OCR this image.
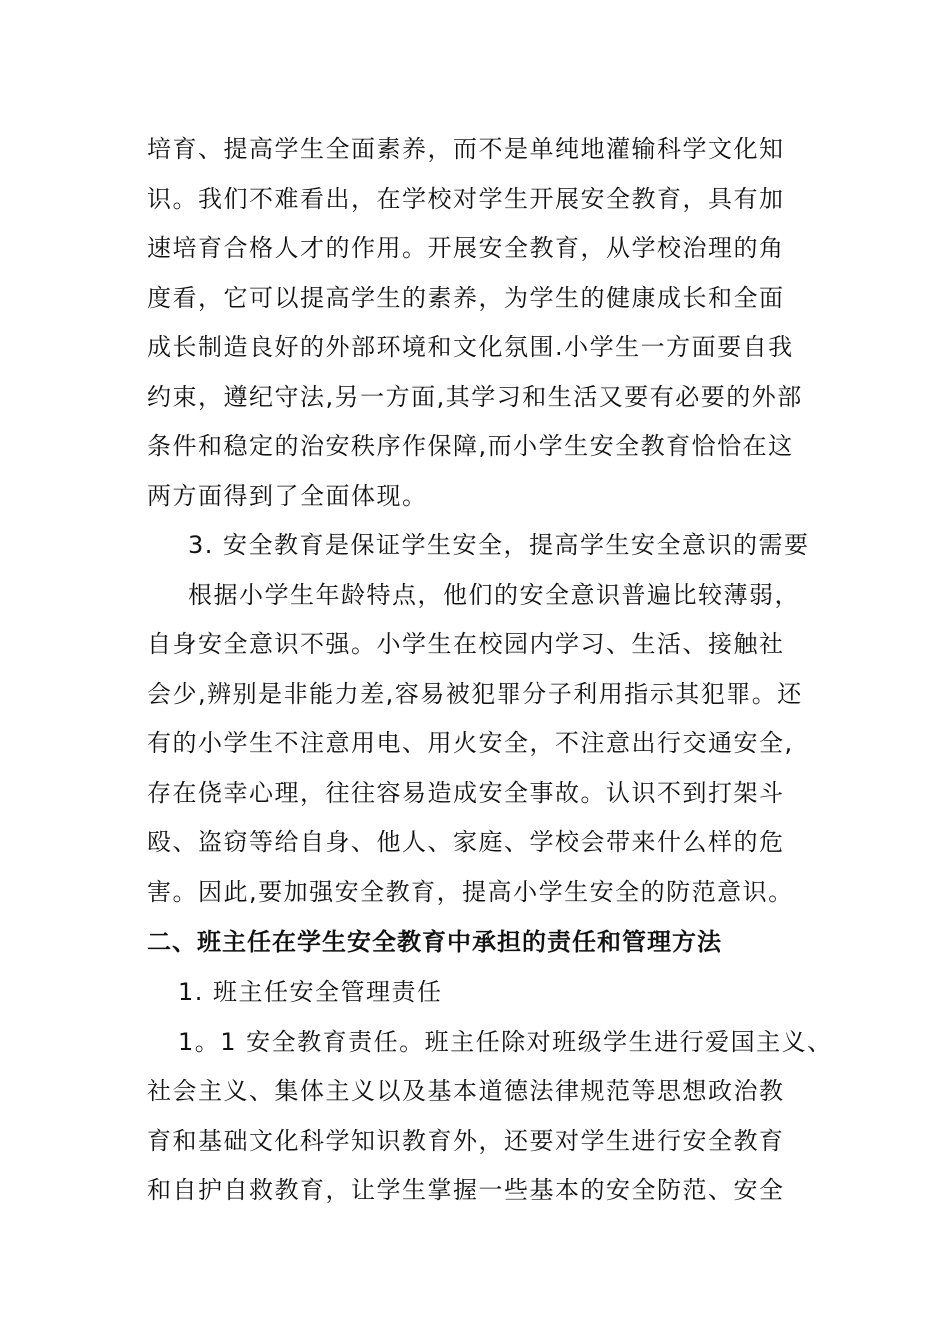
培育、提高学生全面素养，而不是单纯地灌输科学文化知
识。我们不难看出，在学校对学生开展安全教育，具有加
速培育合格人才的作用。开展安全教育，从学校治理的角
度看，它可以提高学生的素养，为学生的健康成长和全面
成长制造良好的外部环境和文化氛围.小学生一方面要自我
约束，遵纪守法,另一方面,其学习和生活又要有必要的外部
条件和稳定的治安秩序作保障,而小学生安全教育恰恰在这
两方面得到了全面体现。
3. 安全教育是保证学生安全，提高学生安全意识的需要
根据小学生年龄特点，他们的安全意识普遍比较薄弱，
自身安全意识不强。小学生在校园内学习、生活、接触社
会少,辨别是非能力差,容易被犯罪分子利用指示其犯罪。还
有的小学生不注意用电、用火安全，不注意出行交通安全,
存在侥幸心理，往往容易造成安全事故。认识不到打架斗
殴、盗窃等给自身、他人、家庭、学校会带来什么样的危
害。因此,要加强安全教育，提高小学生安全的防范意识。
二、班主任在学生安全教育中承担的责任和管理方法
1. 班主任安全管理责任
1。1 安全教育责任。班主任除对班级学生进行爱国主义、
社会主义、集体主义以及基本道德法律规范等思想政治教
育和基础文化科学知识教育外，还要对学生进行安全教育
和自护自救教育，让学生掌握一些基本的安全防范、安全
